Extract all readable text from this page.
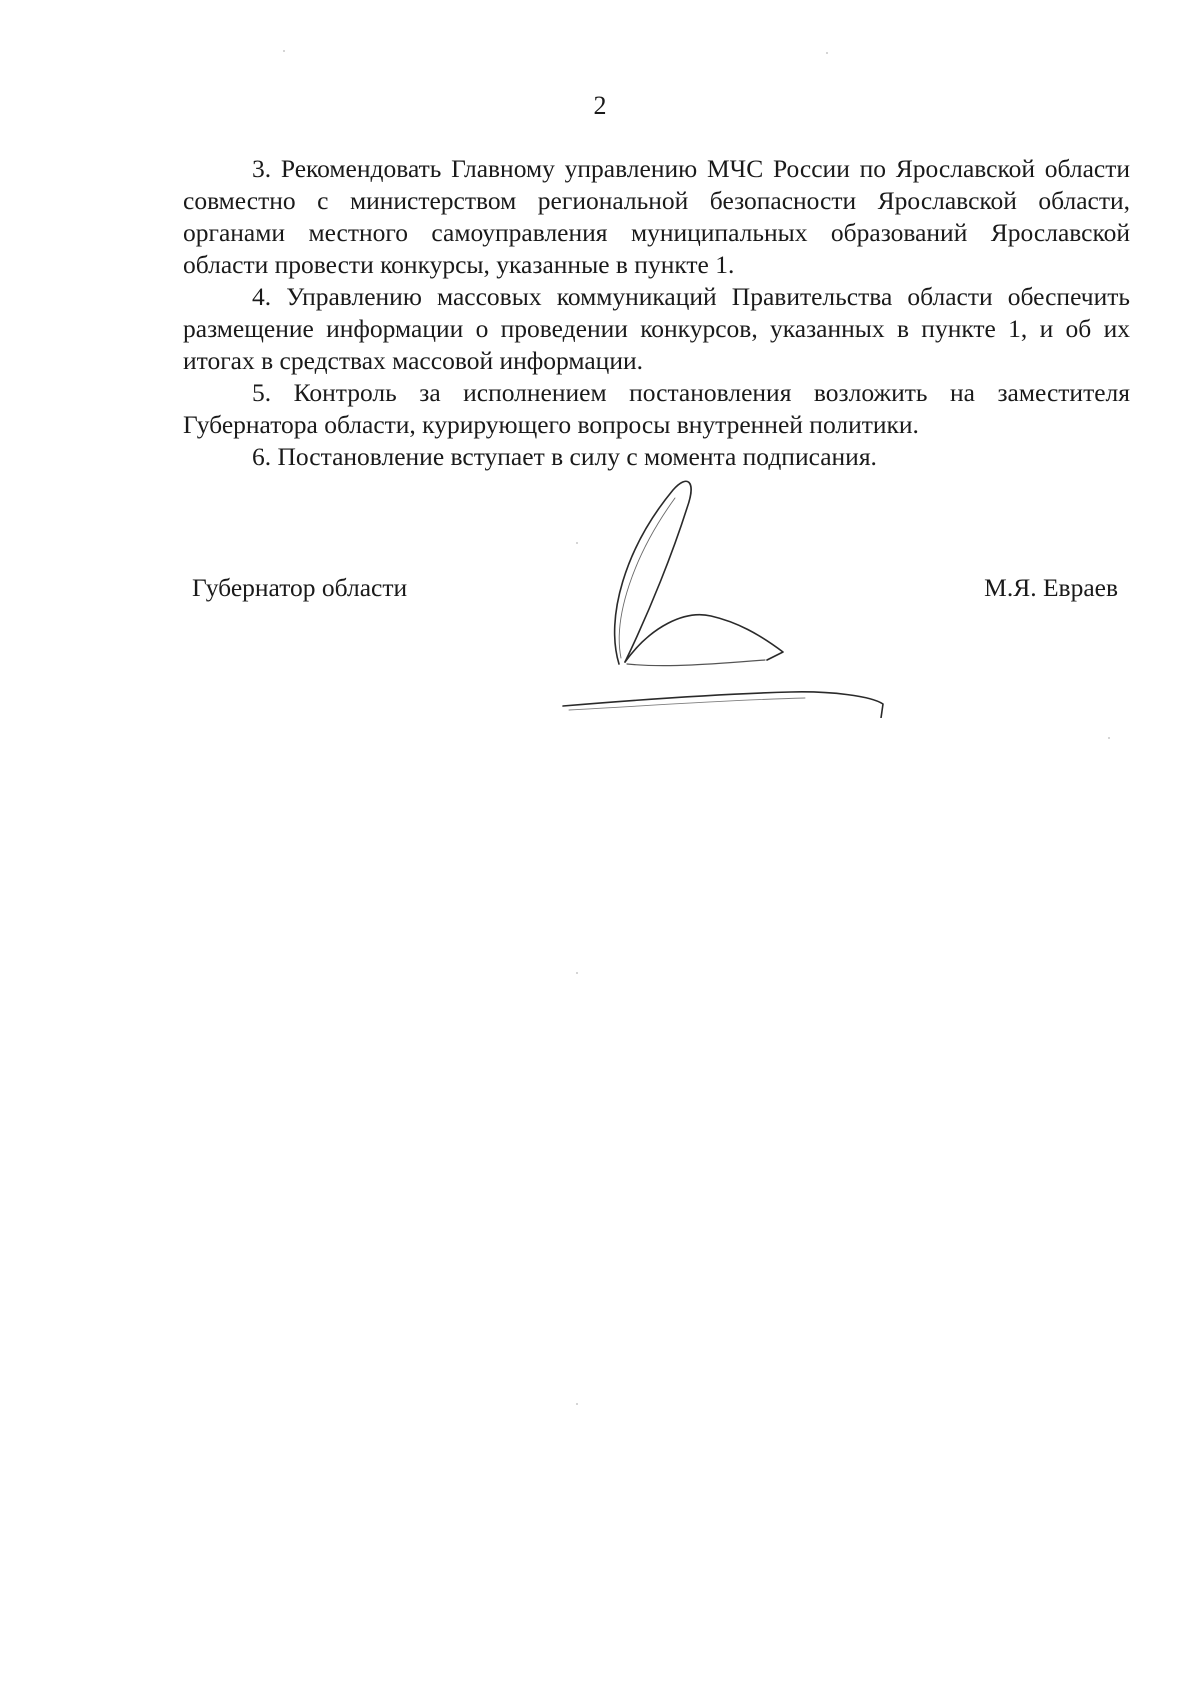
2

3. Рекомендовать Главному управлению МЧС России по Ярославской области совместно с министерством региональной безопасности Ярославской области, органами местного самоуправления муниципальных образований Ярославской области провести конкурсы, указанные в пункте 1.

4. Управлению массовых коммуникаций Правительства области обеспечить размещение информации о проведении конкурсов, указанных в пункте 1, и об их итогах в средствах массовой информации.

5. Контроль за исполнением постановления возложить на заместителя Губернатора области, курирующего вопросы внутренней политики.

6. Постановление вступает в силу с момента подписания.

Губернатор области	М.Я. Евраев
